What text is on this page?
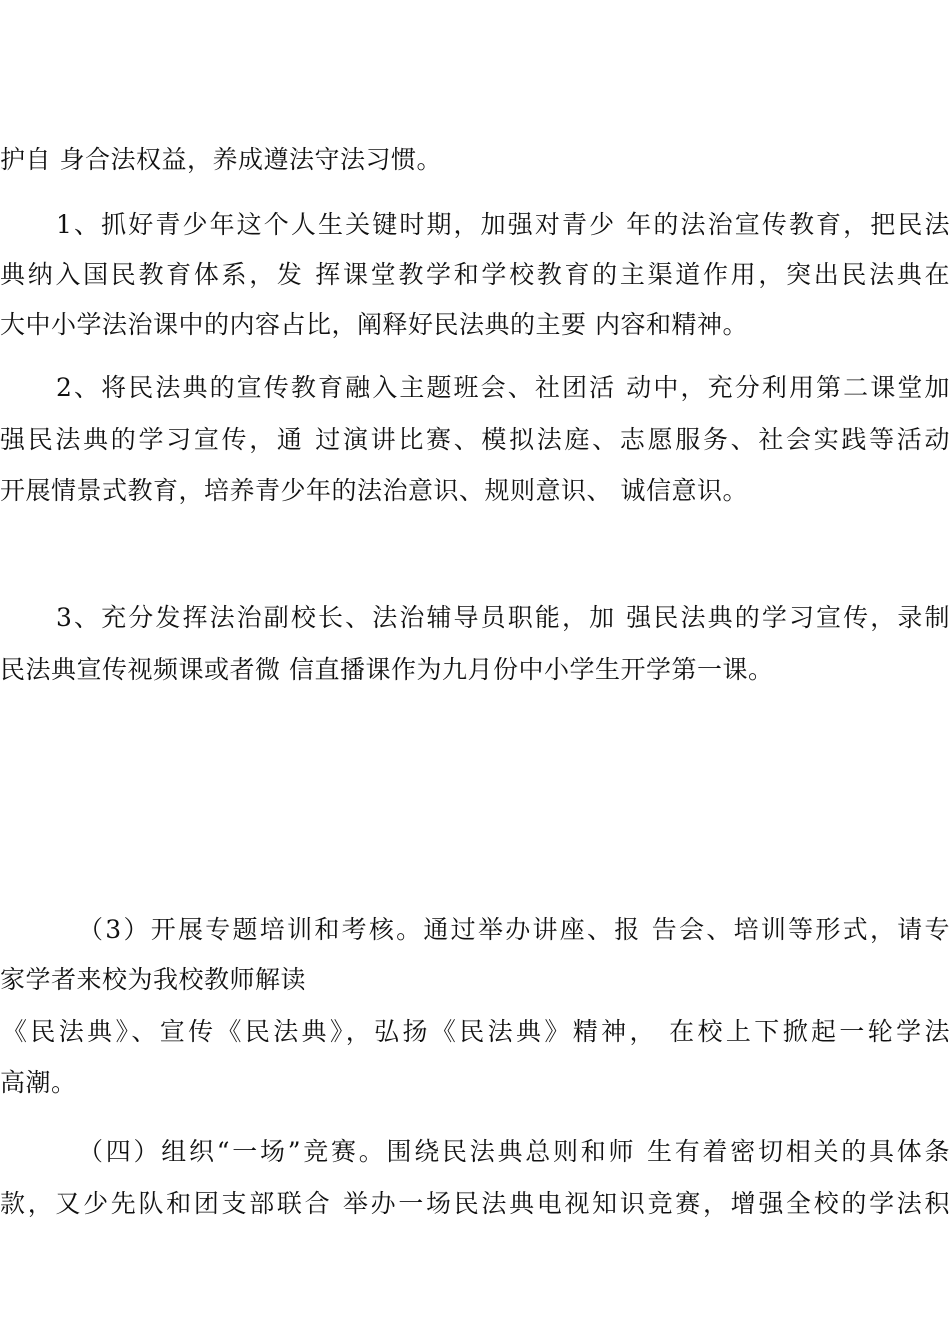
护自 身合法权益，养成遵法守法习惯。

1、抓好青少年这个人生关键时期，加强对青少 年的法治宣传教育，把民法

典纳入国民教育体系，发 挥课堂教学和学校教育的主渠道作用，突出民法典在

大中小学法治课中的内容占比，阐释好民法典的主要 内容和精神。

2、将民法典的宣传教育融入主题班会、社团活 动中，充分利用第二课堂加

强民法典的学习宣传，通 过演讲比赛、模拟法庭、志愿服务、社会实践等活动

开展情景式教育，培养青少年的法治意识、规则意识、 诚信意识。

3、充分发挥法治副校长、法治辅导员职能，加 强民法典的学习宣传，录制

民法典宣传视频课或者微 信直播课作为九月份中小学生开学第一课。

（3）开展专题培训和考核。通过举办讲座、报 告会、培训等形式，请专

家学者来校为我校教师解读

《民法典》、宣传《民法典》，弘扬《民法典》精神， 在校上下掀起一轮学法

高潮。

（四）组织“一场”竞赛。围绕民法典总则和师 生有着密切相关的具体条

款，又少先队和团支部联合 举办一场民法典电视知识竞赛，增强全校的学法积
